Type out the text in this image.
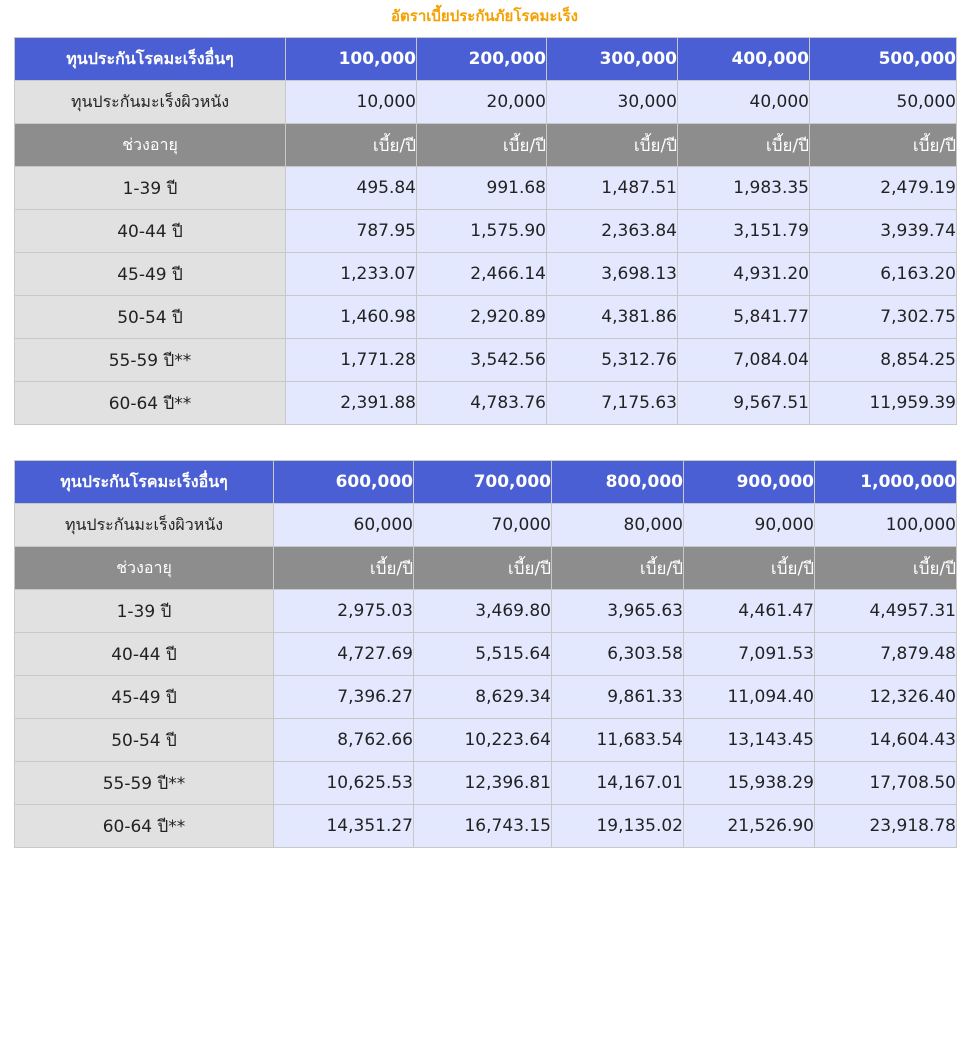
อัตราเบี้ยประกันภัยโรคมะเร็ง
ทุนประกันโรคมะเร็งอื่นๆ	100,000	200,000	300,000	400,000	500,000
ทุนประกันมะเร็งผิวหนัง	10,000	20,000	30,000	40,000	50,000
ช่วงอายุ	เบี้ย/ปี	เบี้ย/ปี	เบี้ย/ปี	เบี้ย/ปี	เบี้ย/ปี
1-39 ปี	495.84	991.68	1,487.51	1,983.35	2,479.19
40-44 ปี	787.95	1,575.90	2,363.84	3,151.79	3,939.74
45-49 ปี	1,233.07	2,466.14	3,698.13	4,931.20	6,163.20
50-54 ปี	1,460.98	2,920.89	4,381.86	5,841.77	7,302.75
55-59 ปี**	1,771.28	3,542.56	5,312.76	7,084.04	8,854.25
60-64 ปี**	2,391.88	4,783.76	7,175.63	9,567.51	11,959.39
ทุนประกันโรคมะเร็งอื่นๆ	600,000	700,000	800,000	900,000	1,000,000
ทุนประกันมะเร็งผิวหนัง	60,000	70,000	80,000	90,000	100,000
ช่วงอายุ	เบี้ย/ปี	เบี้ย/ปี	เบี้ย/ปี	เบี้ย/ปี	เบี้ย/ปี
1-39 ปี	2,975.03	3,469.80	3,965.63	4,461.47	4,4957.31
40-44 ปี	4,727.69	5,515.64	6,303.58	7,091.53	7,879.48
45-49 ปี	7,396.27	8,629.34	9,861.33	11,094.40	12,326.40
50-54 ปี	8,762.66	10,223.64	11,683.54	13,143.45	14,604.43
55-59 ปี**	10,625.53	12,396.81	14,167.01	15,938.29	17,708.50
60-64 ปี**	14,351.27	16,743.15	19,135.02	21,526.90	23,918.78
